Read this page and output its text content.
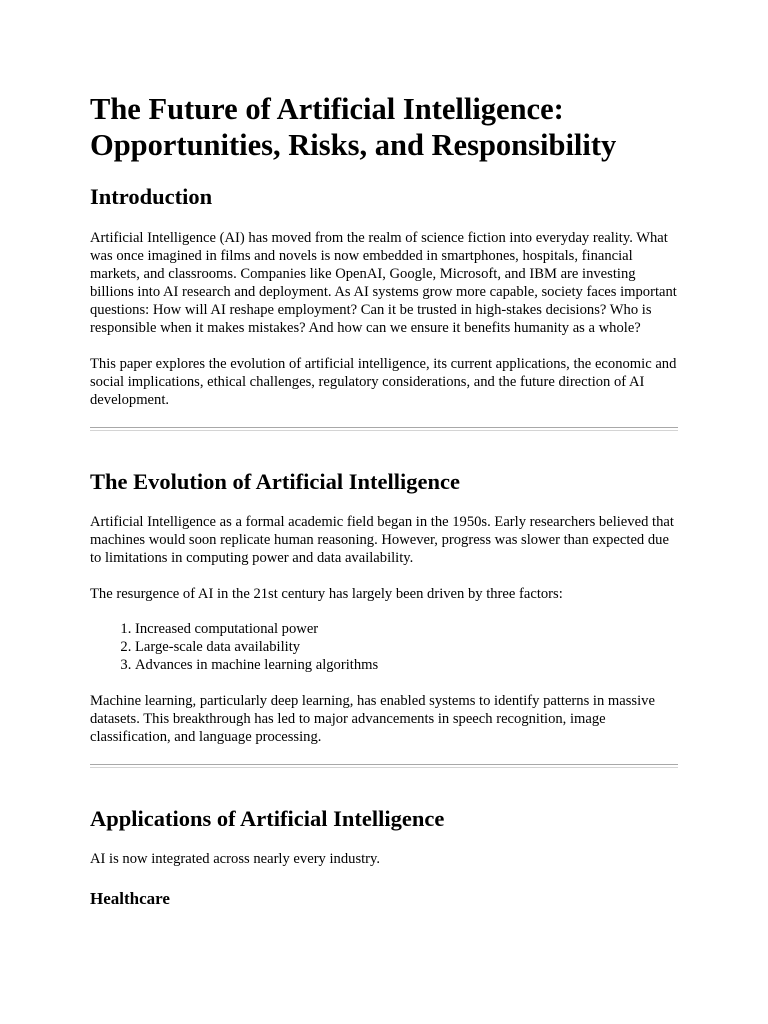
The Future of Artificial Intelligence:
Opportunities, Risks, and Responsibility
Introduction

Artificial Intelligence (AI) has moved from the realm of science fiction into everyday reality. What was once imagined in films and novels is now embedded in smartphones, hospitals, financial markets, and classrooms. Companies like OpenAI, Google, Microsoft, and IBM are investing billions into AI research and deployment. As AI systems grow more capable, society faces important questions: How will AI reshape employment? Can it be trusted in high-stakes decisions? Who is responsible when it makes mistakes? And how can we ensure it benefits humanity as a whole?

This paper explores the evolution of artificial intelligence, its current applications, the economic and social implications, ethical challenges, regulatory considerations, and the future direction of AI development.

The Evolution of Artificial Intelligence

Artificial Intelligence as a formal academic field began in the 1950s. Early researchers believed that machines would soon replicate human reasoning. However, progress was slower than expected due to limitations in computing power and data availability.

The resurgence of AI in the 21st century has largely been driven by three factors:

1. Increased computational power
2. Large-scale data availability
3. Advances in machine learning algorithms

Machine learning, particularly deep learning, has enabled systems to identify patterns in massive datasets. This breakthrough has led to major advancements in speech recognition, image classification, and language processing.

Applications of Artificial Intelligence

AI is now integrated across nearly every industry.

Healthcare
